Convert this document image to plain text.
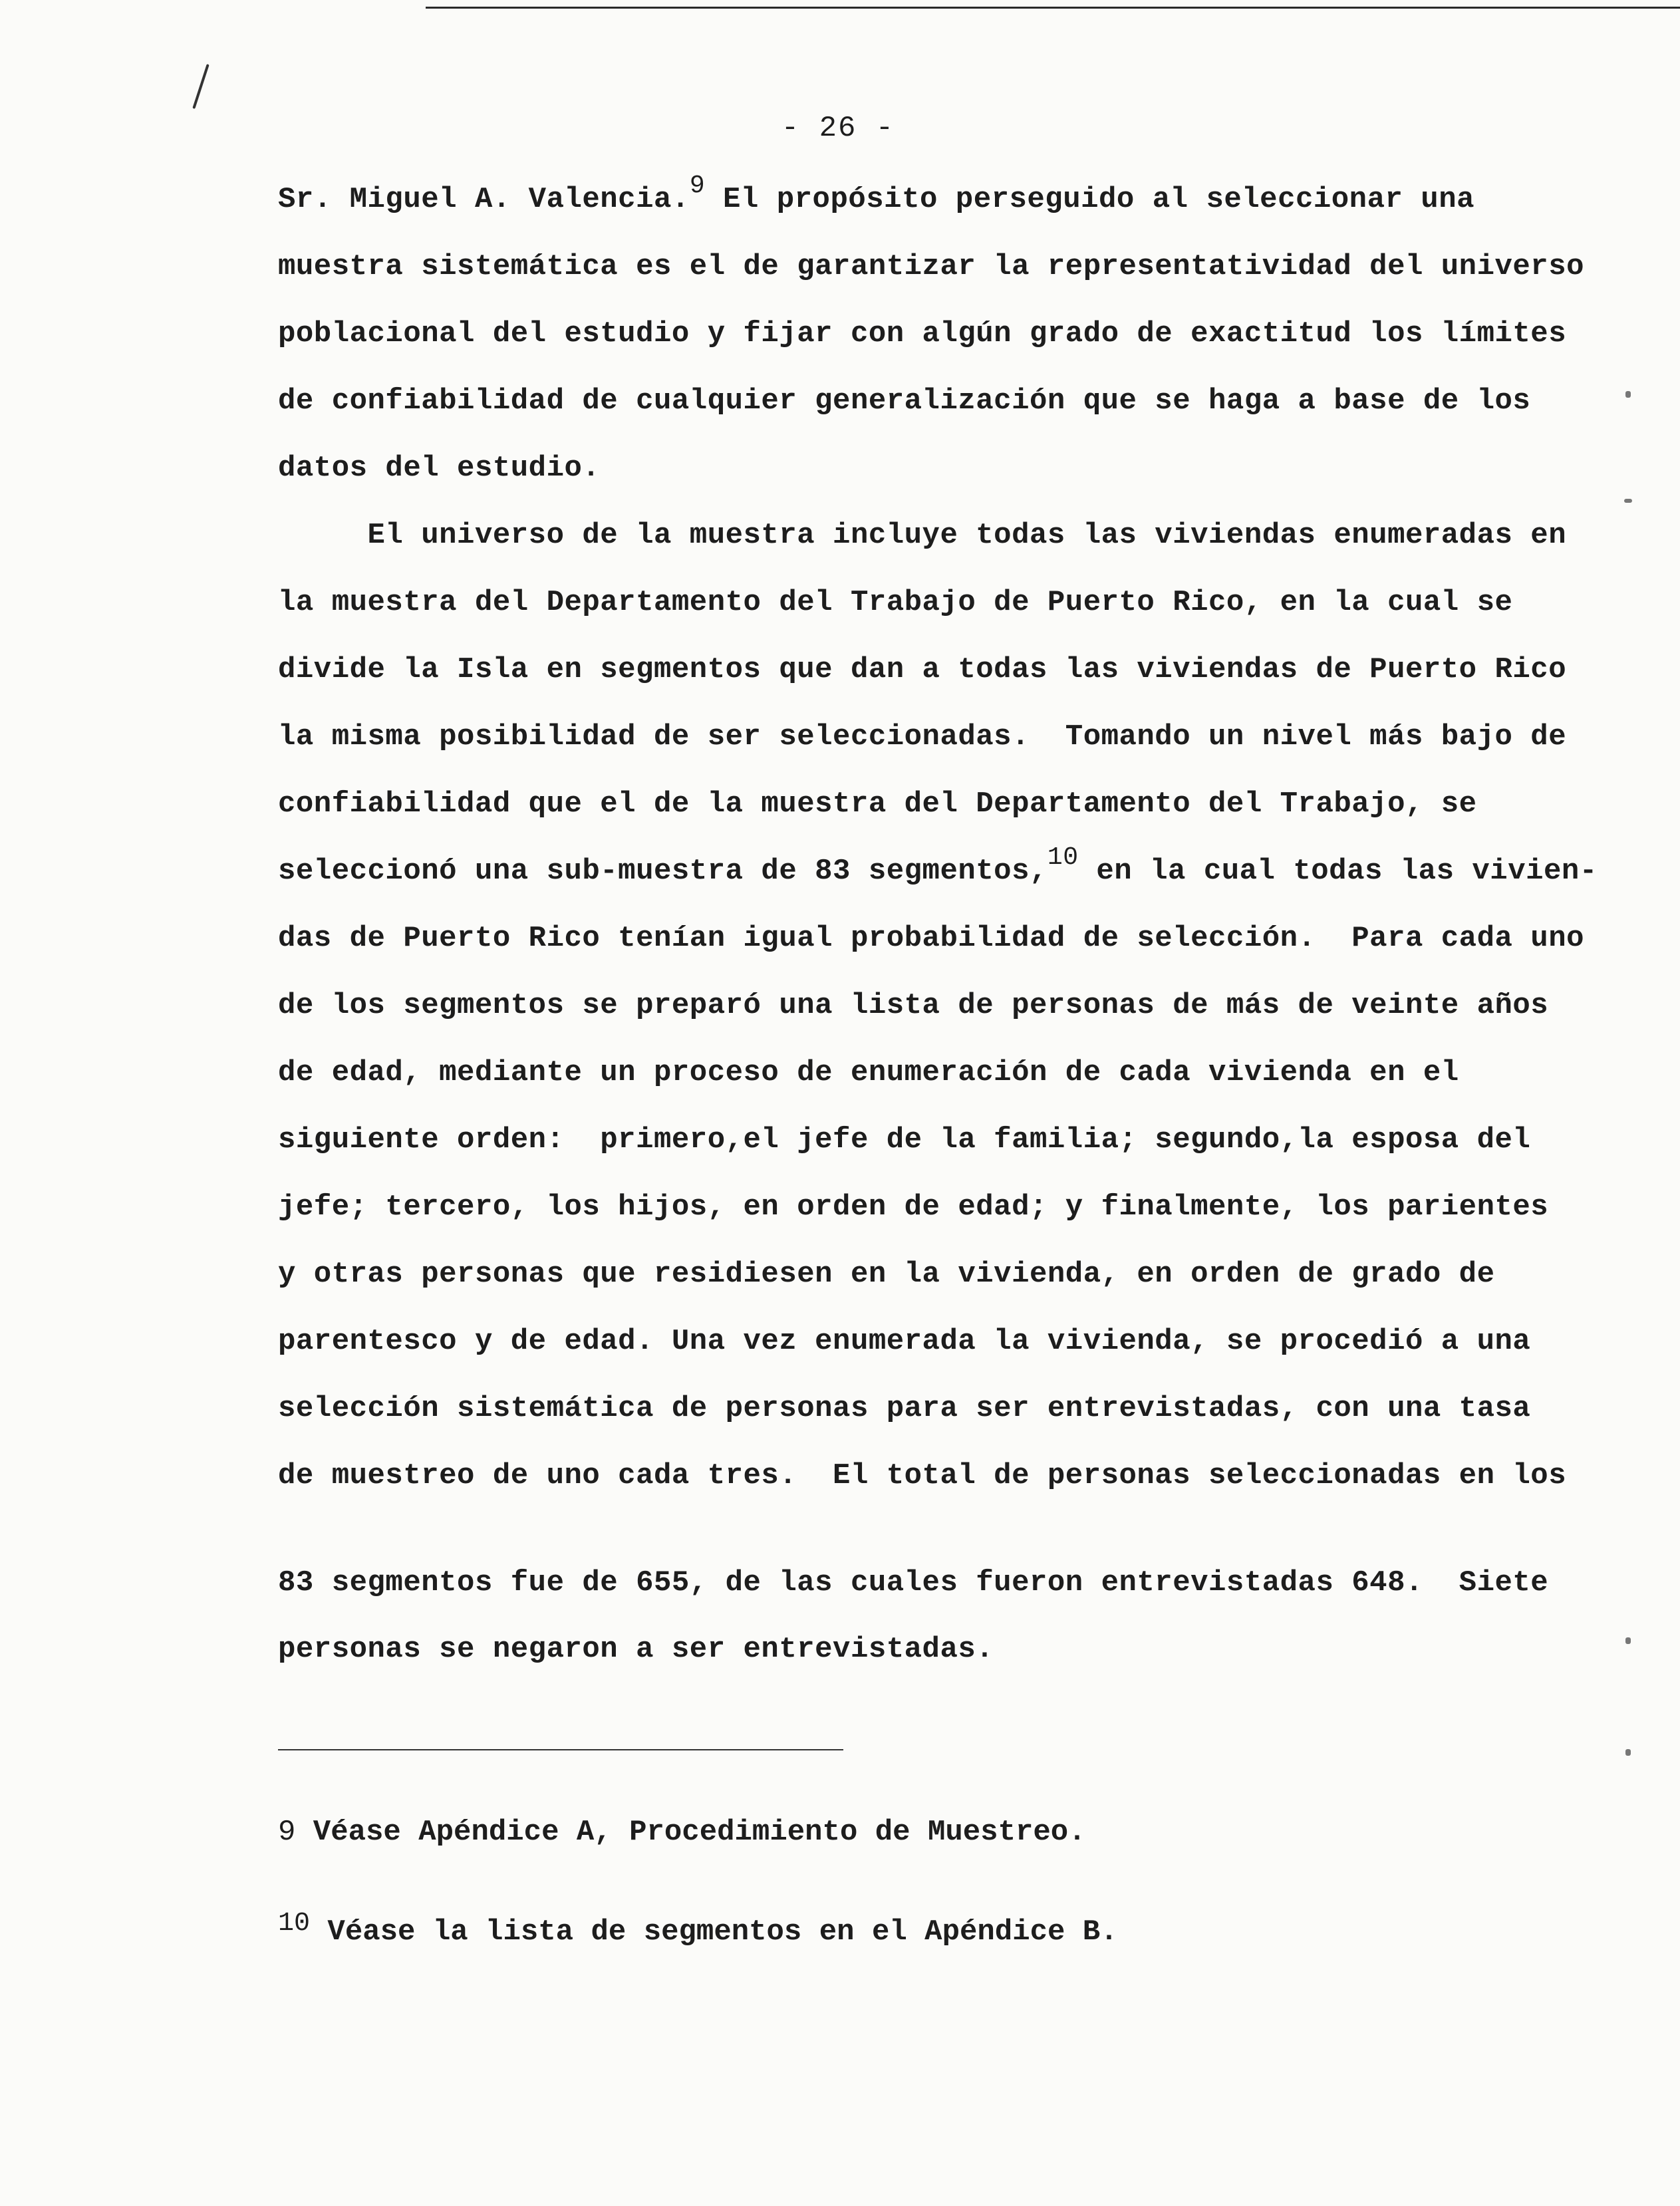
- 26 -
Sr. Miguel A. Valencia.9 El propósito perseguido al seleccionar una
muestra sistemática es el de garantizar la representatividad del universo
poblacional del estudio y fijar con algún grado de exactitud los límites
de confiabilidad de cualquier generalización que se haga a base de los
datos del estudio.
El universo de la muestra incluye todas las viviendas enumeradas en
la muestra del Departamento del Trabajo de Puerto Rico, en la cual se
divide la Isla en segmentos que dan a todas las viviendas de Puerto Rico
la misma posibilidad de ser seleccionadas.  Tomando un nivel más bajo de
confiabilidad que el de la muestra del Departamento del Trabajo, se
seleccionó una sub-muestra de 83 segmentos,10 en la cual todas las vivien-
das de Puerto Rico tenían igual probabilidad de selección.  Para cada uno
de los segmentos se preparó una lista de personas de más de veinte años
de edad, mediante un proceso de enumeración de cada vivienda en el
siguiente orden:  primero,el jefe de la familia; segundo,la esposa del
jefe; tercero, los hijos, en orden de edad; y finalmente, los parientes
y otras personas que residiesen en la vivienda, en orden de grado de
parentesco y de edad. Una vez enumerada la vivienda, se procedió a una
selección sistemática de personas para ser entrevistadas, con una tasa
de muestreo de uno cada tres.  El total de personas seleccionadas en los
83 segmentos fue de 655, de las cuales fueron entrevistadas 648.  Siete
personas se negaron a ser entrevistadas.
9 Véase Apéndice A, Procedimiento de Muestreo.
10 Véase la lista de segmentos en el Apéndice B.
